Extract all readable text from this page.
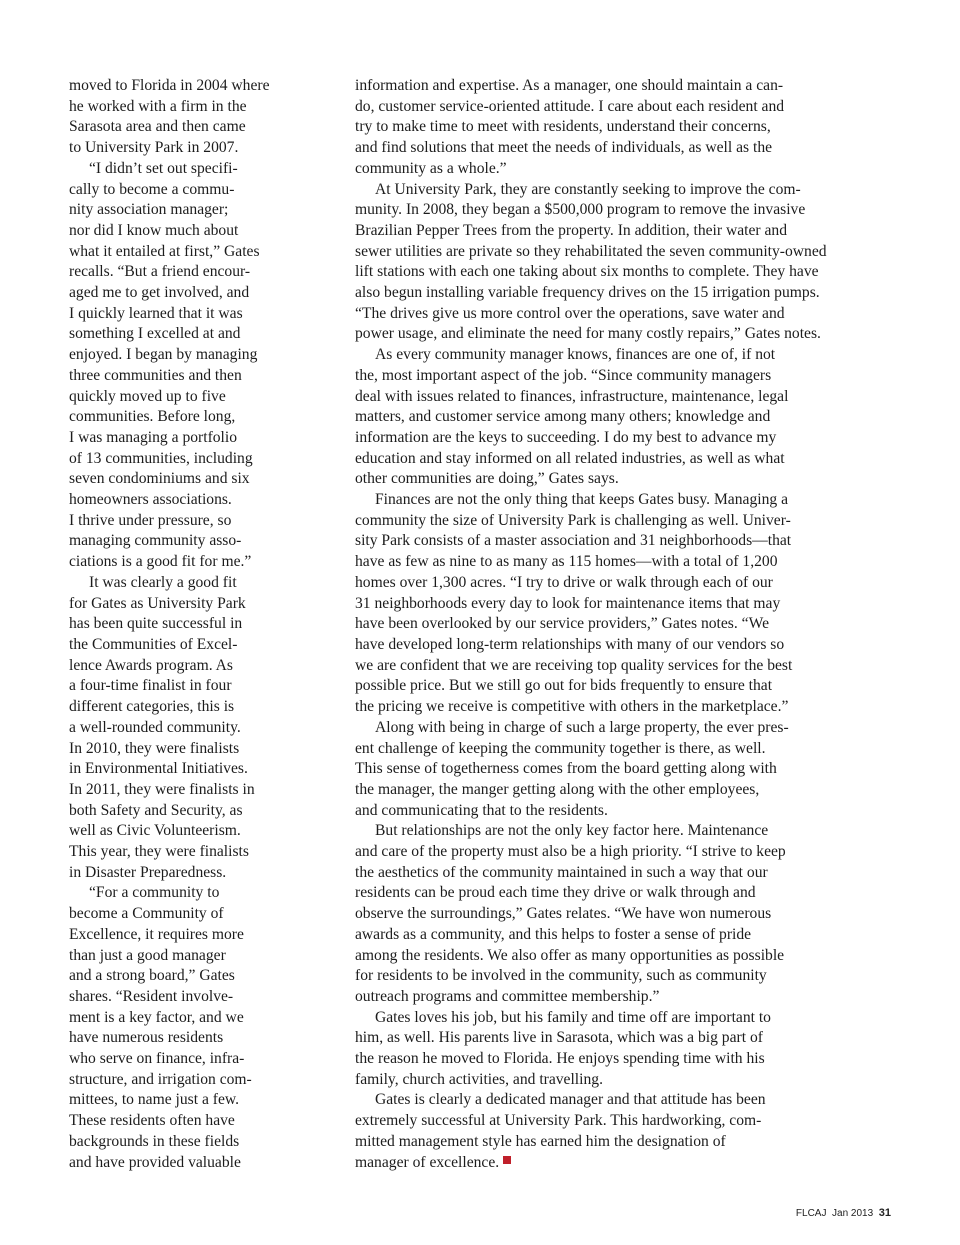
moved to Florida in 2004 where
he worked with a firm in the
Sarasota area and then came
to University Park in 2007.
“I didn’t set out specifi-
cally to become a commu-
nity association manager;
nor did I know much about
what it entailed at first,” Gates
recalls. “But a friend encour-
aged me to get involved, and
I quickly learned that it was
something I excelled at and
enjoyed. I began by managing
three communities and then
quickly moved up to five
communities. Before long,
I was managing a portfolio
of 13 communities, including
seven condominiums and six
homeowners associations.
I thrive under pressure, so
managing community asso-
ciations is a good fit for me.”
It was clearly a good fit
for Gates as University Park
has been quite successful in
the Communities of Excel-
lence Awards program. As
a four-time finalist in four
different categories, this is
a well-rounded community.
In 2010, they were finalists
in Environmental Initiatives.
In 2011, they were finalists in
both Safety and Security, as
well as Civic Volunteerism.
This year, they were finalists
in Disaster Preparedness.
“For a community to
become a Community of
Excellence, it requires more
than just a good manager
and a strong board,” Gates
shares. “Resident involve-
ment is a key factor, and we
have numerous residents
who serve on finance, infra-
structure, and irrigation com-
mittees, to name just a few.
These residents often have
backgrounds in these fields
and have provided valuable
information and expertise. As a manager, one should maintain a can-
do, customer service-oriented attitude. I care about each resident and
try to make time to meet with residents, understand their concerns,
and find solutions that meet the needs of individuals, as well as the
community as a whole.”
At University Park, they are constantly seeking to improve the com-
munity. In 2008, they began a $500,000 program to remove the invasive
Brazilian Pepper Trees from the property. In addition, their water and
sewer utilities are private so they rehabilitated the seven community-owned
lift stations with each one taking about six months to complete. They have
also begun installing variable frequency drives on the 15 irrigation pumps.
“The drives give us more control over the operations, save water and
power usage, and eliminate the need for many costly repairs,” Gates notes.
As every community manager knows, finances are one of, if not
the, most important aspect of the job. “Since community managers
deal with issues related to finances, infrastructure, maintenance, legal
matters, and customer service among many others; knowledge and
information are the keys to succeeding. I do my best to advance my
education and stay informed on all related industries, as well as what
other communities are doing,” Gates says.
Finances are not the only thing that keeps Gates busy. Managing a
community the size of University Park is challenging as well. Univer-
sity Park consists of a master association and 31 neighborhoods—that
have as few as nine to as many as 115 homes—with a total of 1,200
homes over 1,300 acres. “I try to drive or walk through each of our
31 neighborhoods every day to look for maintenance items that may
have been overlooked by our service providers,” Gates notes. “We
have developed long-term relationships with many of our vendors so
we are confident that we are receiving top quality services for the best
possible price. But we still go out for bids frequently to ensure that
the pricing we receive is competitive with others in the marketplace.”
Along with being in charge of such a large property, the ever pres-
ent challenge of keeping the community together is there, as well.
This sense of togetherness comes from the board getting along with
the manager, the manger getting along with the other employees,
and communicating that to the residents.
But relationships are not the only key factor here. Maintenance
and care of the property must also be a high priority. “I strive to keep
the aesthetics of the community maintained in such a way that our
residents can be proud each time they drive or walk through and
observe the surroundings,” Gates relates. “We have won numerous
awards as a community, and this helps to foster a sense of pride
among the residents. We also offer as many opportunities as possible
for residents to be involved in the community, such as community
outreach programs and committee membership.”
Gates loves his job, but his family and time off are important to
him, as well. His parents live in Sarasota, which was a big part of
the reason he moved to Florida. He enjoys spending time with his
family, church activities, and travelling.
Gates is clearly a dedicated manager and that attitude has been
extremely successful at University Park. This hardworking, com-
mitted management style has earned him the designation of
manager of excellence.
FLCAJ Jan 2013 31
